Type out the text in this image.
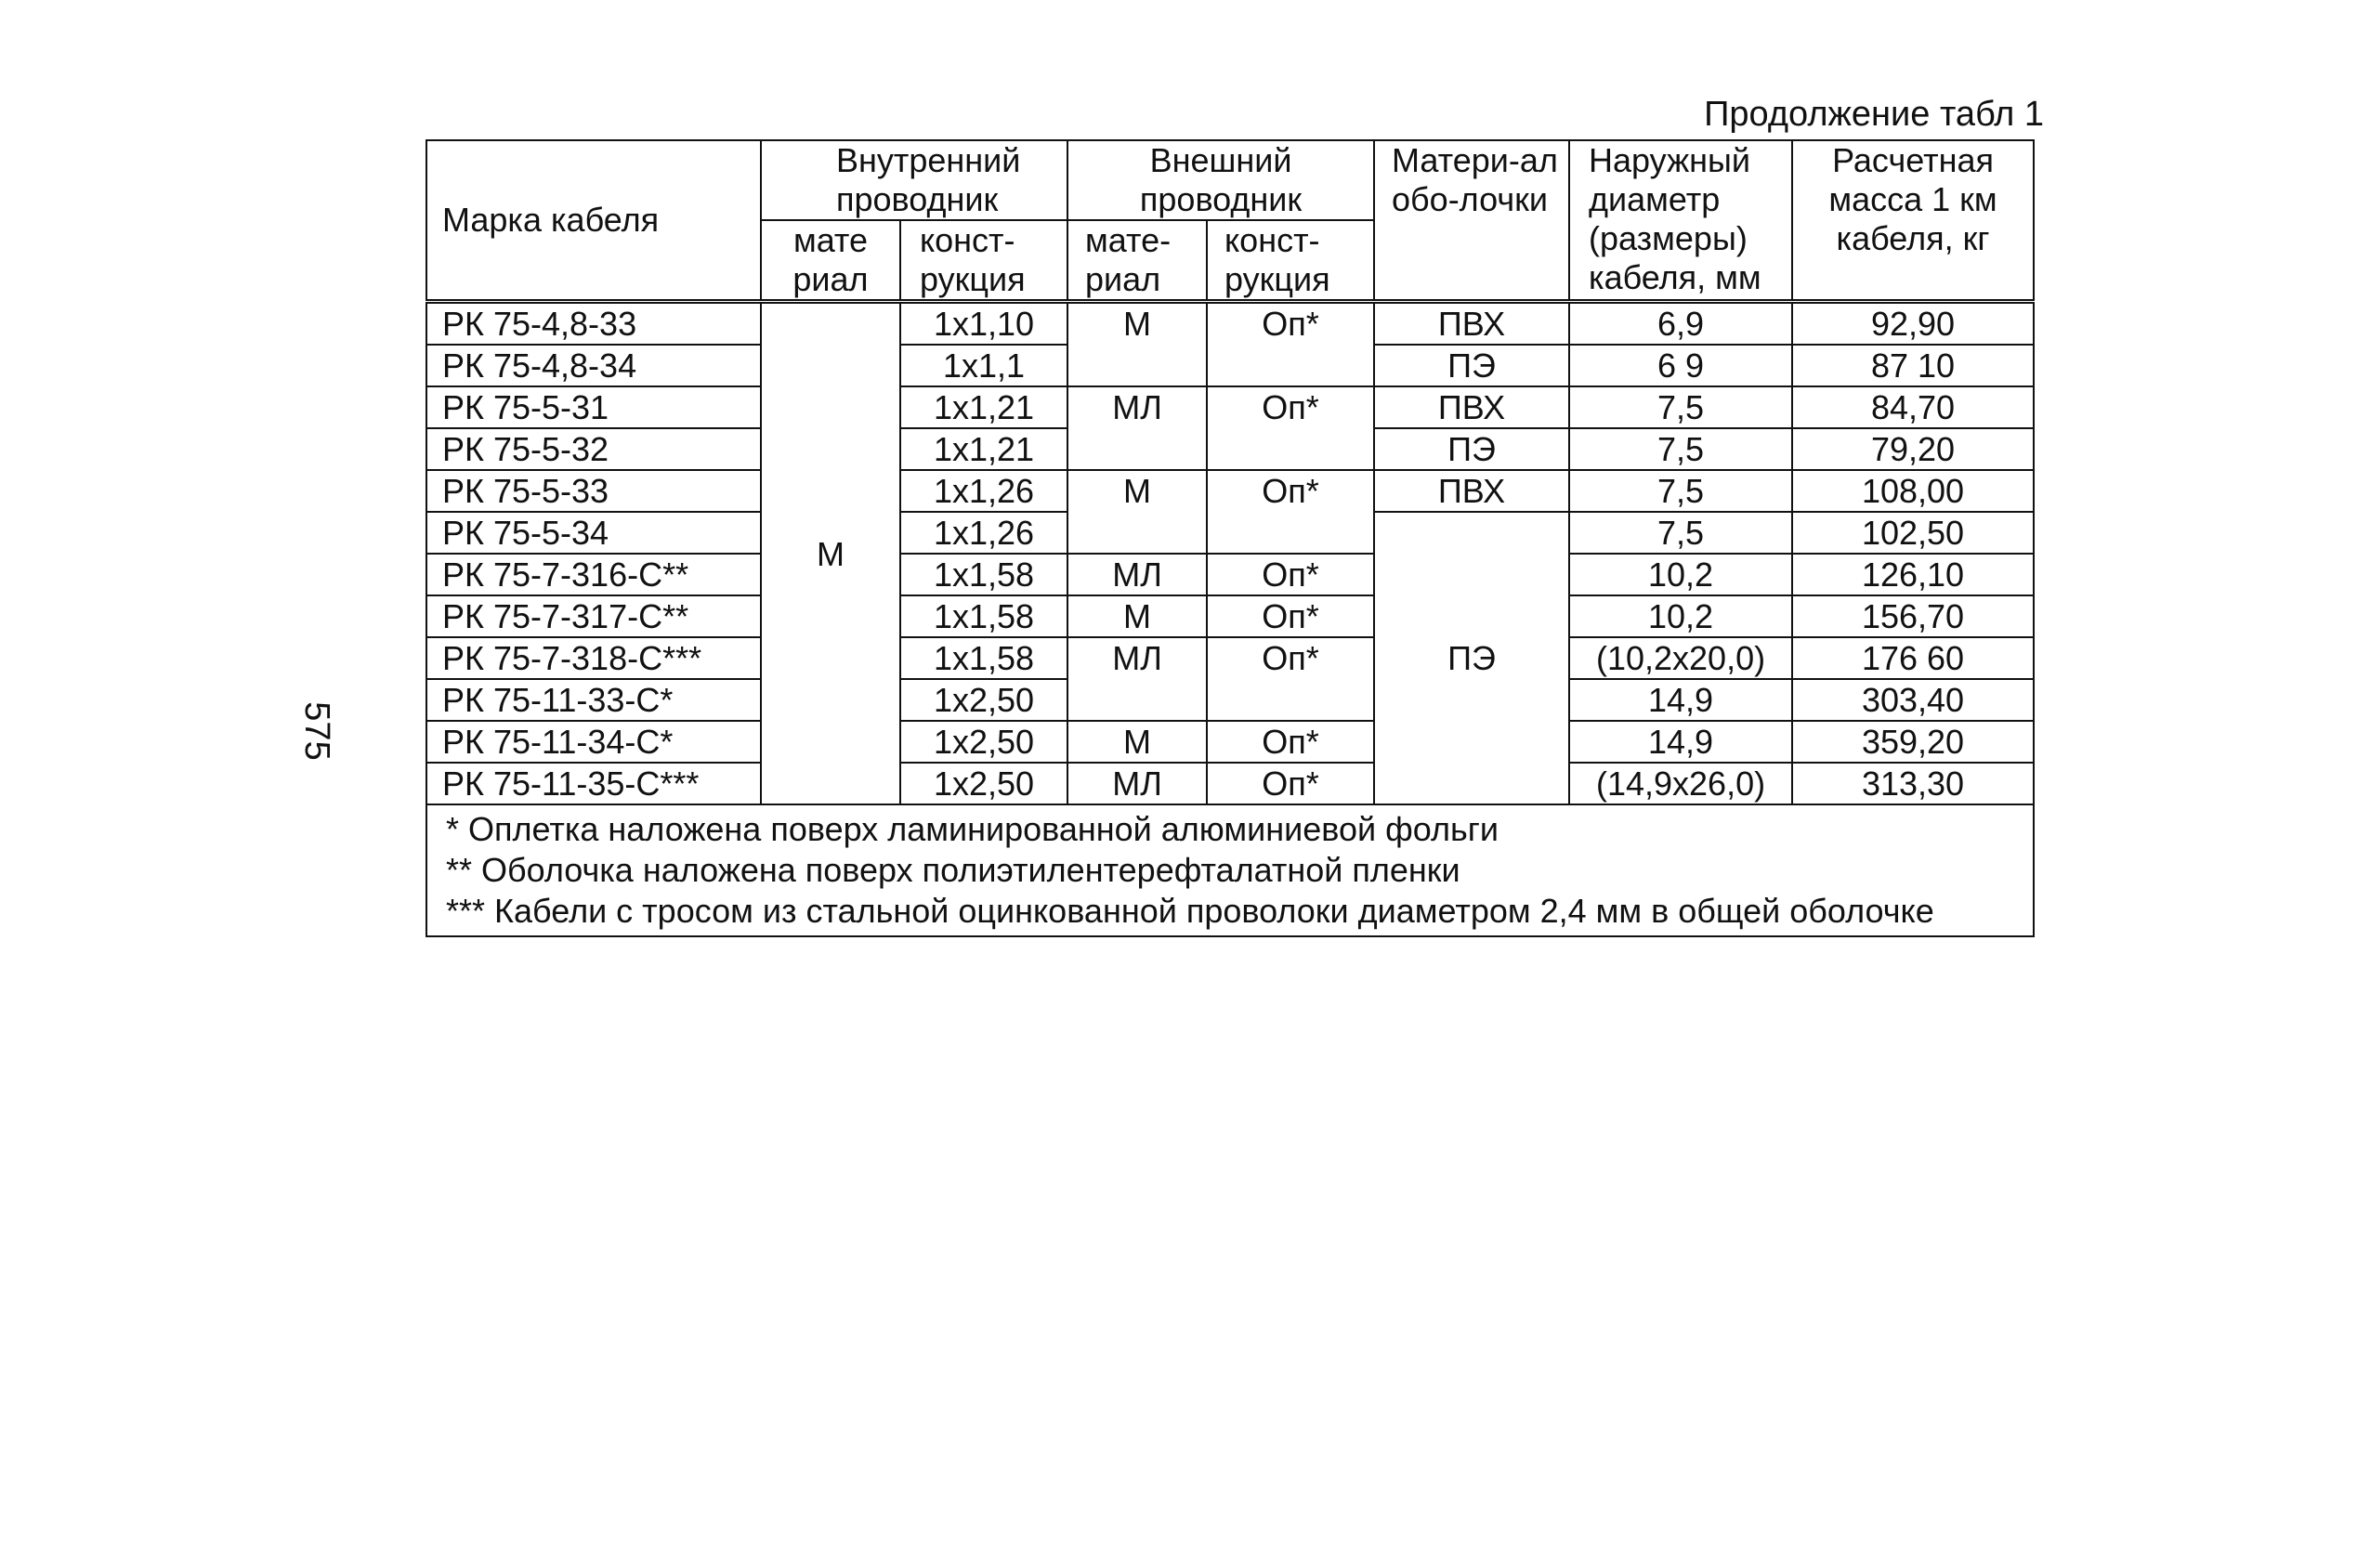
Продолжение табл 1
575
Марка кабеля	Внутренний проводник		Внешний проводник		Матери-ал обо-лочки	Наружный диаметр (размеры) кабеля, мм	Расчетная масса 1 км кабеля, кг
	мате риал	конст-рукция	мате-риал	конст-рукция			
РК 75-4,8-33	М	1х1,10	М	Оп*	ПВХ	6,9	92,90
РК 75-4,8-34		1х1,1			ПЭ	6 9	87 10
РК 75-5-31		1х1,21	МЛ	Оп*	ПВХ	7,5	84,70
РК 75-5-32		1х1,21			ПЭ	7,5	79,20
РК 75-5-33		1х1,26	М	Оп*	ПВХ	7,5	108,00
РК 75-5-34		1х1,26			ПЭ	7,5	102,50
РК 75-7-316-С**		1х1,58	МЛ	Оп*		10,2	126,10
РК 75-7-317-С**		1х1,58	М	Оп*		10,2	156,70
РК 75-7-318-С***		1х1,58	МЛ	Оп*		(10,2х20,0)	176 60
РК 75-11-33-С*		1х2,50				14,9	303,40
РК 75-11-34-С*		1х2,50	М	Оп*		14,9	359,20
РК 75-11-35-С***		1х2,50	МЛ	Оп*		(14,9х26,0)	313,30

* Оплетка наложена поверх ламинированной алюминиевой фольги
** Оболочка наложена поверх полиэтилентерефталатной пленки
*** Кабели с тросом из стальной оцинкованной проволоки диаметром 2,4 мм в общей оболочке							
